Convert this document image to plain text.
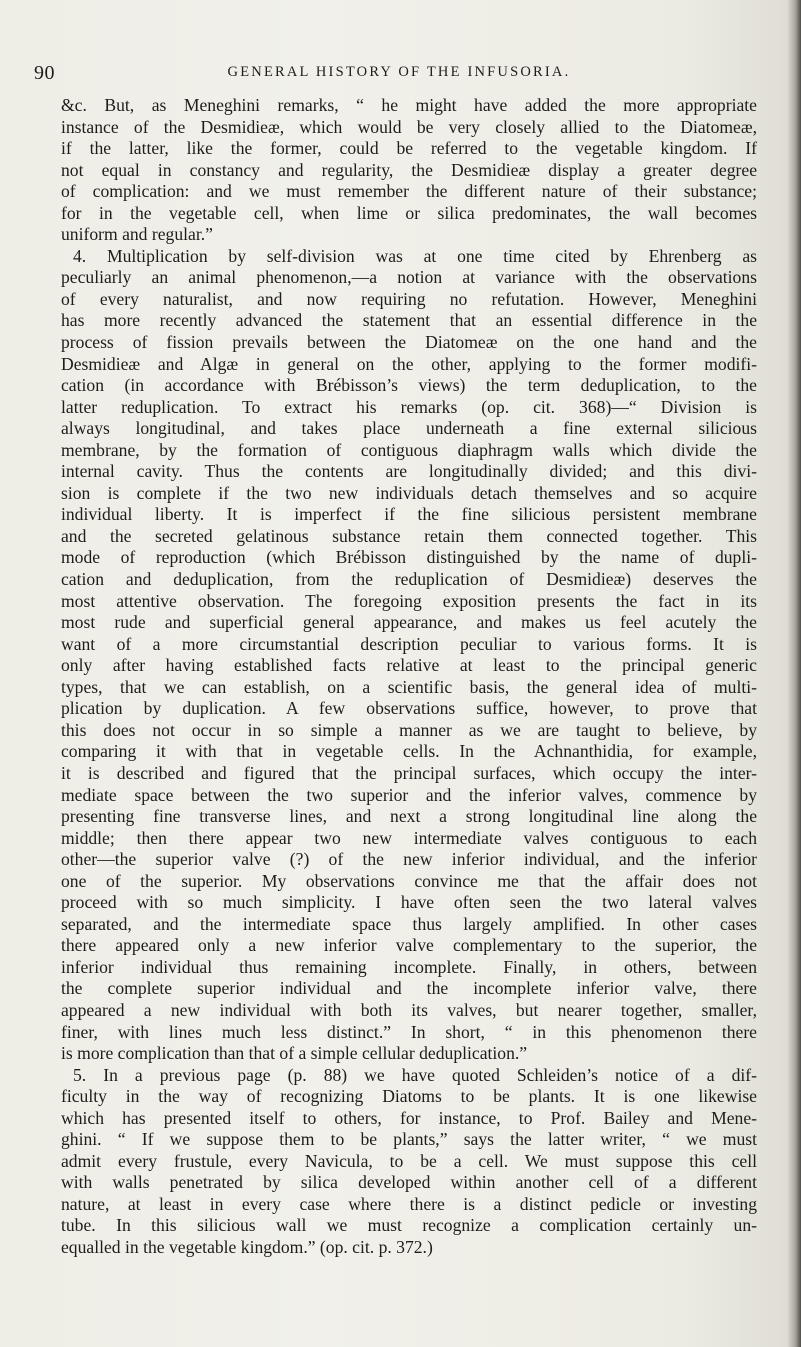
90	GENERAL HISTORY OF THE INFUSORIA.
&c. But, as Meneghini remarks, “ he might have added the more appropriate
instance of the Desmidieæ, which would be very closely allied to the Diatomeæ,
if the latter, like the former, could be referred to the vegetable kingdom. If
not equal in constancy and regularity, the Desmidieæ display a greater degree
of complication: and we must remember the different nature of their substance;
for in the vegetable cell, when lime or silica predominates, the wall becomes
uniform and regular.”
4. Multiplication by self-division was at one time cited by Ehrenberg as
peculiarly an animal phenomenon,—a notion at variance with the observations
of every naturalist, and now requiring no refutation. However, Meneghini
has more recently advanced the statement that an essential difference in the
process of fission prevails between the Diatomeæ on the one hand and the
Desmidieæ and Algæ in general on the other, applying to the former modifi-
cation (in accordance with Brébisson’s views) the term deduplication, to the
latter reduplication. To extract his remarks (op. cit. 368)—“ Division is
always longitudinal, and takes place underneath a fine external silicious
membrane, by the formation of contiguous diaphragm walls which divide the
internal cavity. Thus the contents are longitudinally divided; and this divi-
sion is complete if the two new individuals detach themselves and so acquire
individual liberty. It is imperfect if the fine silicious persistent membrane
and the secreted gelatinous substance retain them connected together. This
mode of reproduction (which Brébisson distinguished by the name of dupli-
cation and deduplication, from the reduplication of Desmidieæ) deserves the
most attentive observation. The foregoing exposition presents the fact in its
most rude and superficial general appearance, and makes us feel acutely the
want of a more circumstantial description peculiar to various forms. It is
only after having established facts relative at least to the principal generic
types, that we can establish, on a scientific basis, the general idea of multi-
plication by duplication. A few observations suffice, however, to prove that
this does not occur in so simple a manner as we are taught to believe, by
comparing it with that in vegetable cells. In the Achnanthidia, for example,
it is described and figured that the principal surfaces, which occupy the inter-
mediate space between the two superior and the inferior valves, commence by
presenting fine transverse lines, and next a strong longitudinal line along the
middle; then there appear two new intermediate valves contiguous to each
other—the superior valve (?) of the new inferior individual, and the inferior
one of the superior. My observations convince me that the affair does not
proceed with so much simplicity. I have often seen the two lateral valves
separated, and the intermediate space thus largely amplified. In other cases
there appeared only a new inferior valve complementary to the superior, the
inferior individual thus remaining incomplete. Finally, in others, between
the complete superior individual and the incomplete inferior valve, there
appeared a new individual with both its valves, but nearer together, smaller,
finer, with lines much less distinct.” In short, “ in this phenomenon there
is more complication than that of a simple cellular deduplication.”
5. In a previous page (p. 88) we have quoted Schleiden’s notice of a dif-
ficulty in the way of recognizing Diatoms to be plants. It is one likewise
which has presented itself to others, for instance, to Prof. Bailey and Mene-
ghini. “ If we suppose them to be plants,” says the latter writer, “ we must
admit every frustule, every Navicula, to be a cell. We must suppose this cell
with walls penetrated by silica developed within another cell of a different
nature, at least in every case where there is a distinct pedicle or investing
tube. In this silicious wall we must recognize a complication certainly un-
equalled in the vegetable kingdom.” (op. cit. p. 372.)
